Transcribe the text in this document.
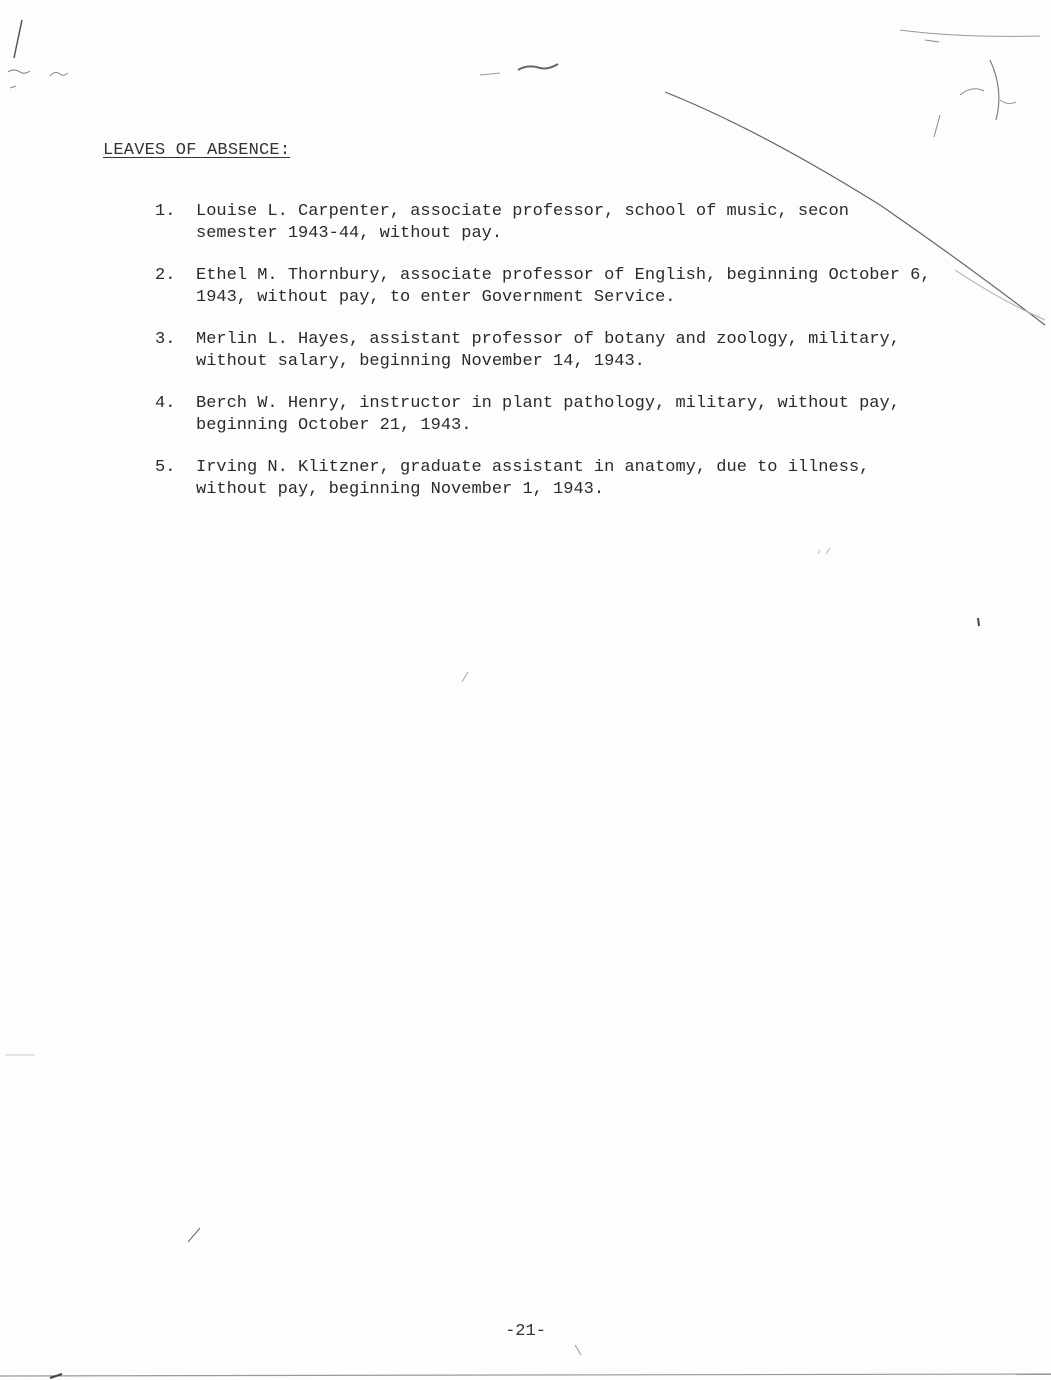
LEAVES OF ABSENCE:
1.	Louise L. Carpenter, associate professor, school of music, secon
semester 1943-44, without pay.
2.	Ethel M. Thornbury, associate professor of English, beginning October 6,
1943, without pay, to enter Government Service.
3.	Merlin L. Hayes, assistant professor of botany and zoology, military,
without salary, beginning November 14, 1943.
4.	Berch W. Henry, instructor in plant pathology, military, without pay,
beginning October 21, 1943.
5.	Irving N. Klitzner, graduate assistant in anatomy, due to illness,
without pay, beginning November 1, 1943.
-21-
